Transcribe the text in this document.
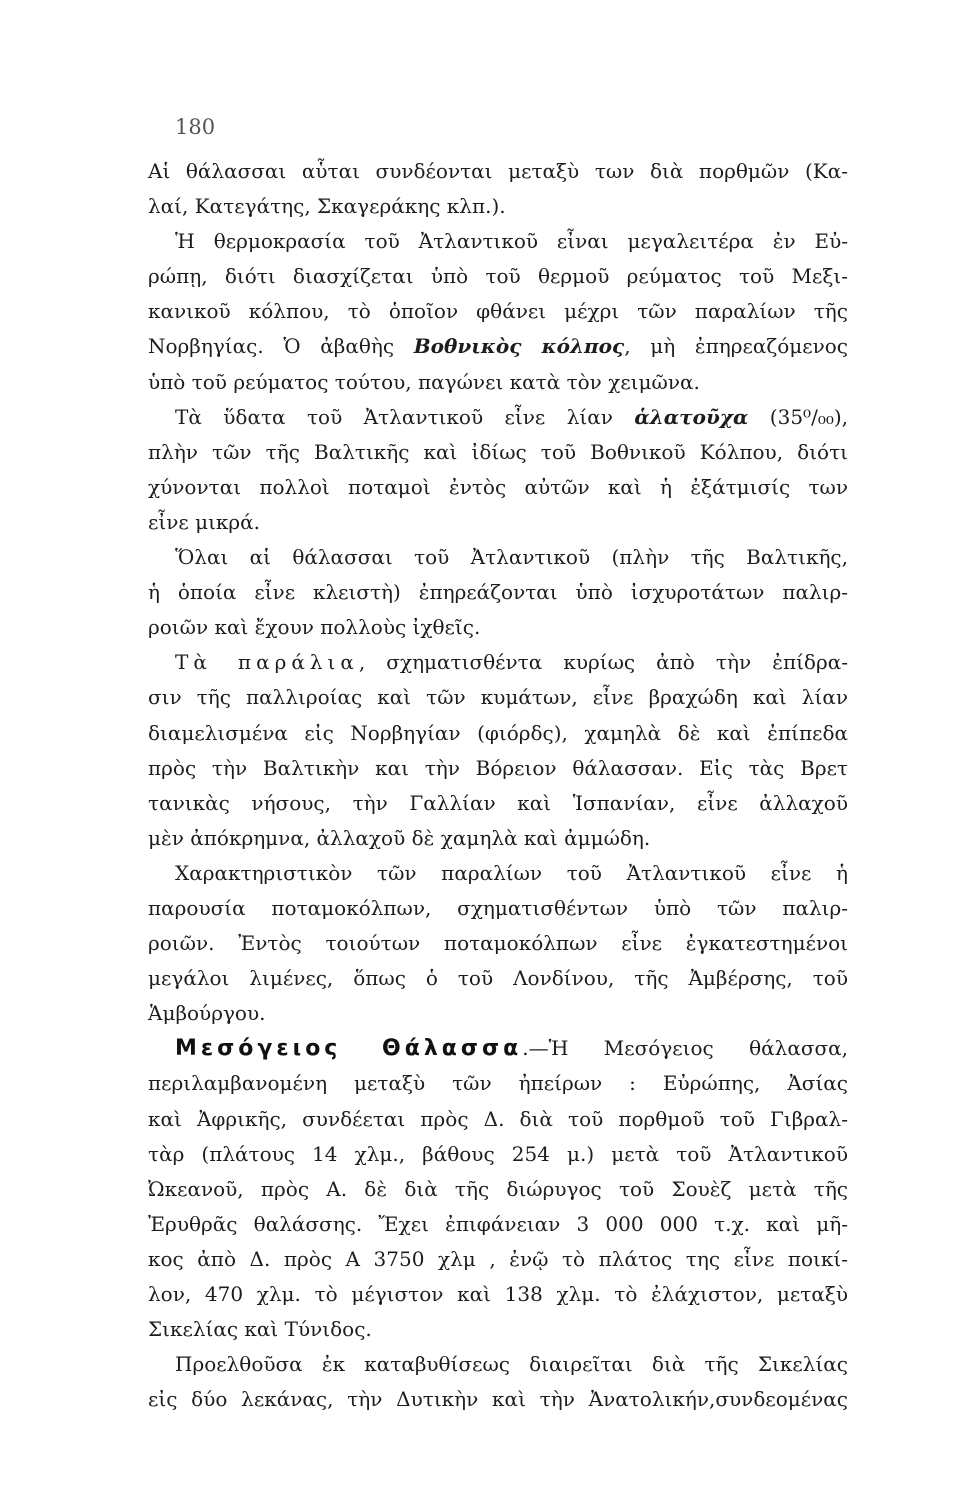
180
Αἱ θάλασσαι αὗται συνδέονται μεταξὺ των διὰ πορθμῶν (Κα-
λαί, Κατεγάτης, Σκαγεράκης κλπ.).
Ἡ θερμοκρασία τοῦ Ἀτλαντικοῦ εἶναι μεγαλειτέρα ἐν Εὐ-
ρώπῃ, διότι διασχίζεται ὑπὸ τοῦ θερμοῦ ρεύματος τοῦ Μεξι-
κανικοῦ κόλπου, τὸ ὁποῖον φθάνει μέχρι τῶν παραλίων τῆς
Νορβηγίας. Ὁ ἀβαθὴς Βοθνικὸς κόλπος, μὴ ἐπηρεαζόμενος
ὑπὸ τοῦ ρεύματος τούτου, παγώνει κατὰ τὸν χειμῶνα.
Τὰ ὕδατα τοῦ Ἀτλαντικοῦ εἶνε λίαν ἁλατοῦχα (35⁰/₀₀),
πλὴν τῶν τῆς Βαλτικῆς καὶ ἰδίως τοῦ Βοθνικοῦ Κόλπου, διότι
χύνονται πολλοὶ ποταμοὶ ἐντὸς αὐτῶν καὶ ἡ ἐξάτμισίς των
εἶνε μικρά.
Ὅλαι αἱ θάλασσαι τοῦ Ἀτλαντικοῦ (πλὴν τῆς Βαλτικῆς,
ἡ ὁποία εἶνε κλειστὴ) ἐπηρεάζονται ὑπὸ ἰσχυροτάτων παλιρ-
ροιῶν καὶ ἔχουν πολλοὺς ἰχθεῖς.
Τὰ παράλια, σχηματισθέντα κυρίως ἀπὸ τὴν ἐπίδρα-
σιν τῆς παλλιροίας καὶ τῶν κυμάτων, εἶνε βραχώδη καὶ λίαν
διαμελισμένα εἰς Νορβηγίαν (φιόρδς), χαμηλὰ δὲ καὶ ἐπίπεδα
πρὸς τὴν Βαλτικὴν και τὴν Βόρειον θάλασσαν. Εἰς τὰς Βρετ
τανικὰς νήσους, τὴν Γαλλίαν καὶ Ἱσπανίαν, εἶνε ἀλλαχοῦ
μὲν ἀπόκρημνα, ἀλλαχοῦ δὲ χαμηλὰ καὶ ἀμμώδη.
Χαρακτηριστικὸν τῶν παραλίων τοῦ Ἀτλαντικοῦ εἶνε ἡ
παρουσία ποταμοκόλπων, σχηματισθέντων ὑπὸ τῶν παλιρ-
ροιῶν. Ἐντὸς τοιούτων ποταμοκόλπων εἶνε ἐγκατεστημένοι
μεγάλοι λιμένες, ὅπως ὁ τοῦ Λονδίνου, τῆς Ἀμβέρσης, τοῦ
Ἁμβούργου.
Μεσόγειος Θάλασσα.—Ἡ Μεσόγειος θάλασσα,
περιλαμβανομένη μεταξὺ τῶν ἠπείρων : Εὐρώπης, Ἀσίας
καὶ Ἀφρικῆς, συνδέεται πρὸς Δ. διὰ τοῦ πορθμοῦ τοῦ Γιβραλ-
τὰρ (πλάτους 14 χλμ., βάθους 254 μ.) μετὰ τοῦ Ἀτλαντικοῦ
Ὠκεανοῦ, πρὸς Α. δὲ διὰ τῆς διώρυγος τοῦ Σουὲζ μετὰ τῆς
Ἐρυθρᾶς θαλάσσης. Ἔχει ἐπιφάνειαν 3 000 000 τ.χ. καὶ μῆ-
κος ἀπὸ Δ. πρὸς Α 3750 χλμ , ἐνῷ τὸ πλάτος της εἶνε ποικί-
λον, 470 χλμ. τὸ μέγιστον καὶ 138 χλμ. τὸ ἐλάχιστον, μεταξὺ
Σικελίας καὶ Τύνιδος.
Προελθοῦσα ἐκ καταβυθίσεως διαιρεῖται διὰ τῆς Σικελίας
εἰς δύο λεκάνας, τὴν Δυτικὴν καὶ τὴν Ἀνατολικήν,συνδεομένας
